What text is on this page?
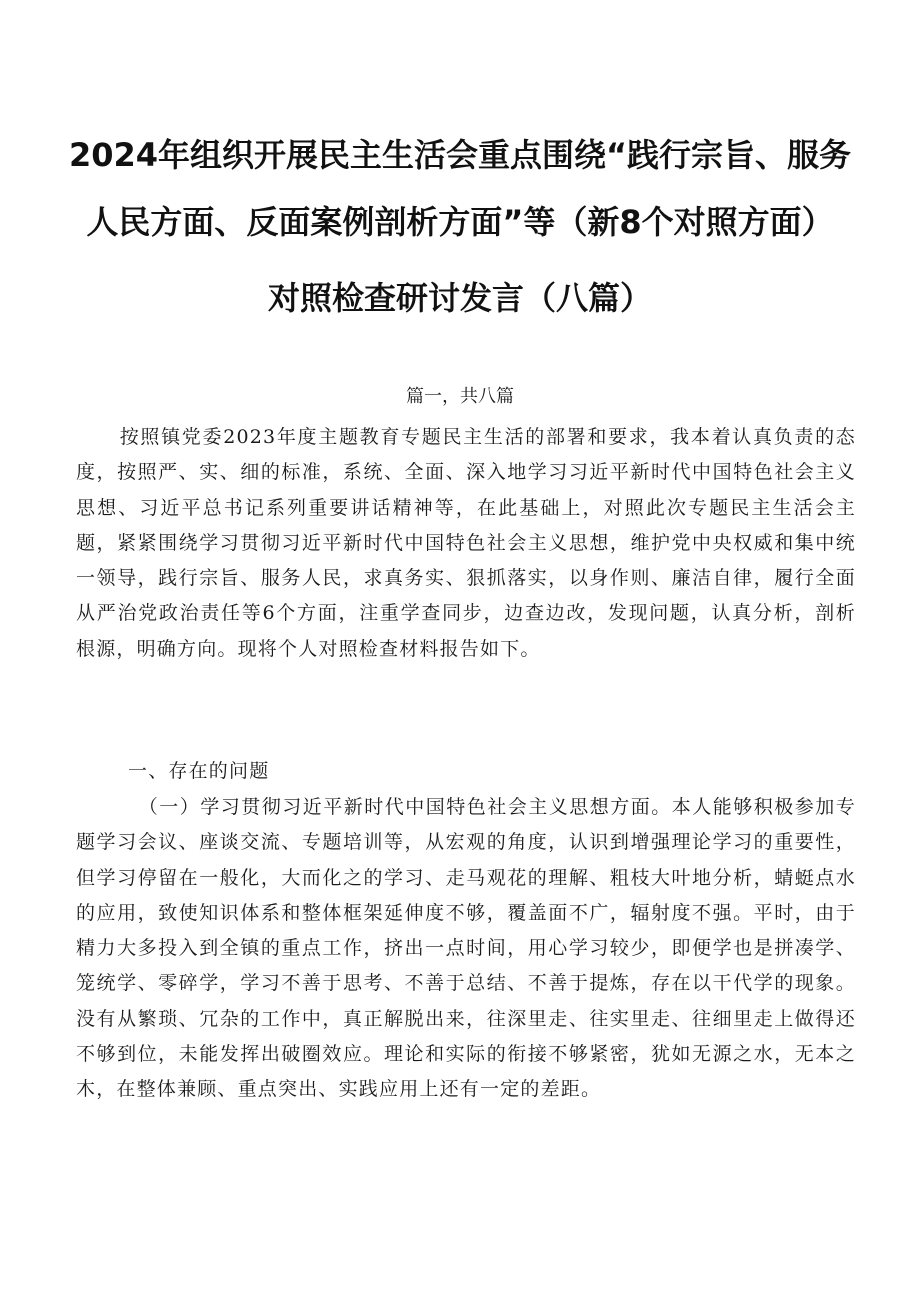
2024年组织开展民主生活会重点围绕“践行宗旨、服务
人民方面、反面案例剖析方面”等（新8个对照方面）
对照检查研讨发言（八篇）
篇一，共八篇

按照镇党委2023年度主题教育专题民主生活的部署和要求，我本着认真负责的态度，按照严、实、细的标准，系统、全面、深入地学习习近平新时代中国特色社会主义思想、习近平总书记系列重要讲话精神等，在此基础上，对照此次专题民主生活会主题，紧紧围绕学习贯彻习近平新时代中国特色社会主义思想，维护党中央权威和集中统一领导，践行宗旨、服务人民，求真务实、狠抓落实，以身作则、廉洁自律，履行全面从严治党政治责任等6个方面，注重学查同步，边查边改，发现问题，认真分析，剖析根源，明确方向。现将个人对照检查材料报告如下。

一、存在的问题

（一）学习贯彻习近平新时代中国特色社会主义思想方面。本人能够积极参加专题学习会议、座谈交流、专题培训等，从宏观的角度，认识到增强理论学习的重要性，但学习停留在一般化，大而化之的学习、走马观花的理解、粗枝大叶地分析，蜻蜓点水的应用，致使知识体系和整体框架延伸度不够，覆盖面不广，辐射度不强。平时，由于精力大多投入到全镇的重点工作，挤出一点时间，用心学习较少，即便学也是拼凑学、笼统学、零碎学，学习不善于思考、不善于总结、不善于提炼，存在以干代学的现象。没有从繁琐、冗杂的工作中，真正解脱出来，往深里走、往实里走、往细里走上做得还不够到位，未能发挥出破圈效应。理论和实际的衔接不够紧密，犹如无源之水，无本之木，在整体兼顾、重点突出、实践应用上还有一定的差距。
